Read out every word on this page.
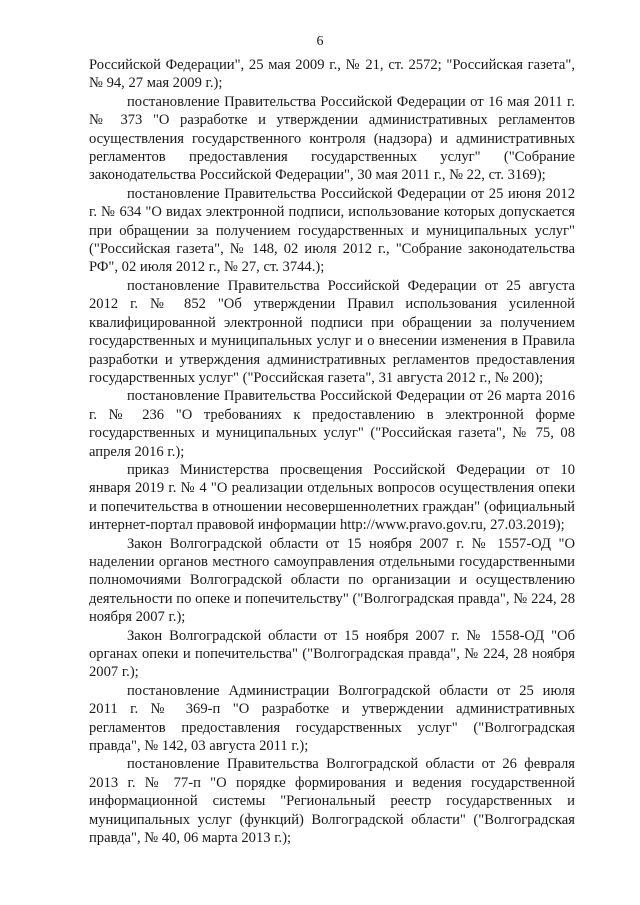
6

Российской Федерации", 25 мая 2009 г., № 21, ст. 2572; "Российская газета", № 94, 27 мая 2009 г.);

постановление Правительства Российской Федерации от 16 мая 2011 г. № 373 "О разработке и утверждении административных регламентов осуществления государственного контроля (надзора) и административных регламентов предоставления государственных услуг" ("Собрание законодательства Российской Федерации", 30 мая 2011 г., № 22, ст. 3169);

постановление Правительства Российской Федерации от 25 июня 2012 г. № 634 "О видах электронной подписи, использование которых допускается при обращении за получением государственных и муниципальных услуг" ("Российская газета", № 148, 02 июля 2012 г., "Собрание законодательства РФ", 02 июля 2012 г., № 27, ст. 3744.);

постановление Правительства Российской Федерации от 25 августа 2012 г. № 852 "Об утверждении Правил использования усиленной квалифицированной электронной подписи при обращении за получением государственных и муниципальных услуг и о внесении изменения в Правила разработки и утверждения административных регламентов предоставления государственных услуг" ("Российская газета", 31 августа 2012 г., № 200);

постановление Правительства Российской Федерации от 26 марта 2016 г. № 236 "О требованиях к предоставлению в электронной форме государственных и муниципальных услуг" ("Российская газета", № 75, 08 апреля 2016 г.);

приказ Министерства просвещения Российской Федерации от 10 января 2019 г. № 4 "О реализации отдельных вопросов осуществления опеки и попечительства в отношении несовершеннолетних граждан" (официальный интернет-портал правовой информации http://www.pravo.gov.ru, 27.03.2019);

Закон Волгоградской области от 15 ноября 2007 г. № 1557-ОД "О наделении органов местного самоуправления отдельными государственными полномочиями Волгоградской области по организации и осуществлению деятельности по опеке и попечительству" ("Волгоградская правда", № 224, 28 ноября 2007 г.);

Закон Волгоградской области от 15 ноября 2007 г. № 1558-ОД "Об органах опеки и попечительства" ("Волгоградская правда", № 224, 28 ноября 2007 г.);

постановление Администрации Волгоградской области от 25 июля 2011 г. № 369-п "О разработке и утверждении административных регламентов предоставления государственных услуг" ("Волгоградская правда", № 142, 03 августа 2011 г.);

постановление Правительства Волгоградской области от 26 февраля 2013 г. № 77-п "О порядке формирования и ведения государственной информационной системы "Региональный реестр государственных и муниципальных услуг (функций) Волгоградской области" ("Волгоградская правда", № 40, 06 марта 2013 г.);
